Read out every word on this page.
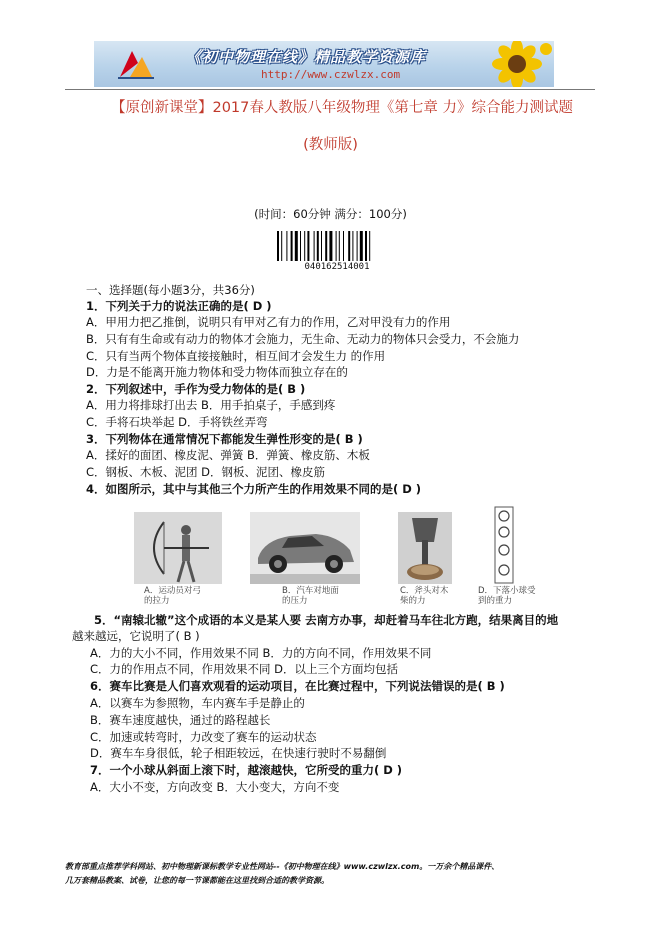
《初中物理在线》精品教学资源库
http://www.czwlzx.com
【原创新课堂】2017春人教版八年级物理《第七章 力》综合能力测试题
(教师版)
(时间：60分钟 满分：100分)
040162514001
一、选择题(每小题3分，共36分)
1．下列关于力的说法正确的是( D )
A．甲用力把乙推倒，说明只有甲对乙有力的作用，乙对甲没有力的作用
B．只有有生命或有动力的物体才会施力，无生命、无动力的物体只会受力，不会施力
C．只有当两个物体直接接触时，相互间才会发生力 的作用
D．力是不能离开施力物体和受力物体而独立存在的
2．下列叙述中，手作为受力物体的是( B )
A．用力将排球打出去 B．用手拍桌子，手感到疼
C．手将石块举起 D．手将铁丝弄弯
3．下列物体在通常情况下都能发生弹性形变的是( B )
A．揉好的面团、橡皮泥、弹簧 B．弹簧、橡皮筋、木板
C．钢板、木板、泥团 D．钢板、泥团、橡皮筋
4．如图所示，其中与其他三个力所产生的作用效果不同的是( D )
A．运动员对弓
的拉力
B．汽车对地面
的压力
C．斧头对木
柴的力
D．下落小球受
到的重力
5．“南辕北辙”这个成语的本义是某人要 去南方办事，却赶着马车往北方跑，结果离目的地
越来越远，它说明了( B )
A．力的大小不同，作用效果不同 B．力的方向不同，作用效果不同
C．力的作用点不同，作用效果不同 D．以上三个方面均包括
6．赛车比赛是人们喜欢观看的运动项目，在比赛过程中，下列说法错误的是( B )
A．以赛车为参照物，车内赛车手是静止的
B．赛车速度越快，通过的路程越长
C．加速或转弯时，力改变了赛车的运动状态
D．赛车车身很低，轮子相距较远，在快速行驶时不易翻倒
7．一个小球从斜面上滚下时，越滚越快，它所受的重力( D )
A．大小不变，方向改变 B．大小变大，方向不变
教育部重点推荐学科网站、初中物理新课标教学专业性网站--《初中物理在线》www.czwlzx.com。一万余个精品课件、
几万套精品教案、试卷，让您的每一节课都能在这里找到合适的教学资源。
